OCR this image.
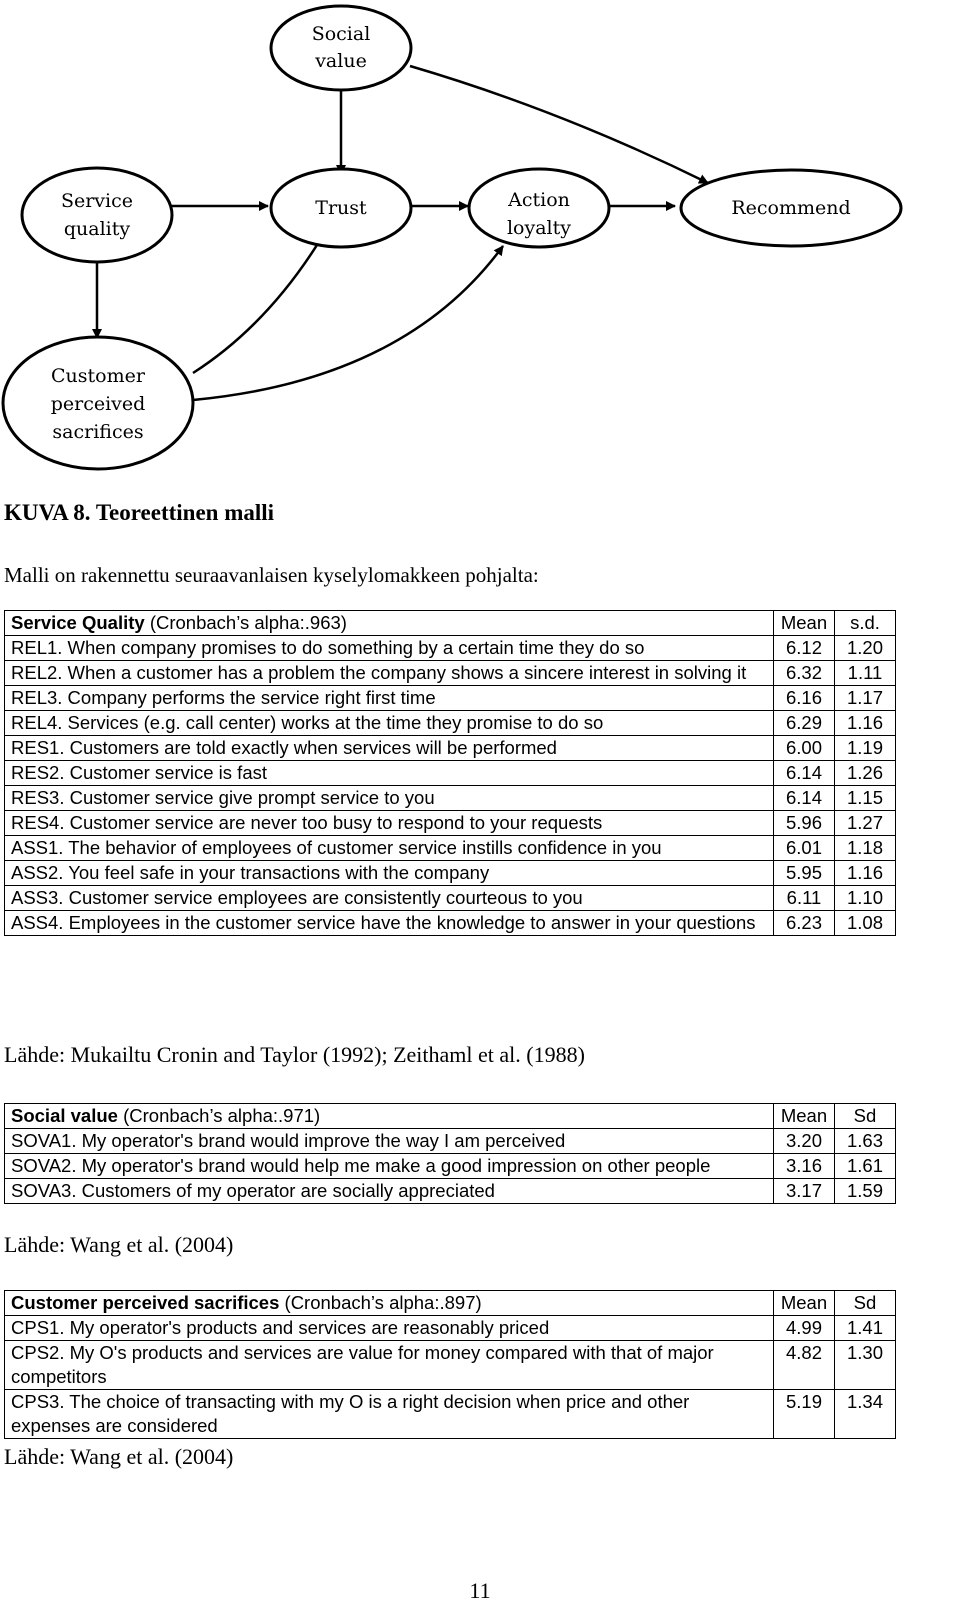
Social
value
Service
quality
Trust	Action
loyalty
Recommend
Customer
perceived
sacrifices

KUVA 8. Teoreettinen malli

Malli on rakennettu seuraavanlaisen kyselylomakkeen pohjalta:

Service Quality (Cronbach’s alpha:.963)	Mean	s.d.
REL1. When company promises to do something by a certain time they do so	6.12	1.20
REL2. When a customer has a problem the company shows a sincere interest in solving it	6.32	1.11
REL3. Company performs the service right first time	6.16	1.17
REL4. Services (e.g. call center) works at the time they promise to do so	6.29	1.16
RES1. Customers are told exactly when services will be performed	6.00	1.19
RES2. Customer service is fast	6.14	1.26
RES3. Customer service give prompt service to you	6.14	1.15
RES4. Customer service are never too busy to respond to your requests	5.96	1.27
ASS1. The behavior of employees of customer service instills confidence in you	6.01	1.18
ASS2. You feel safe in your transactions with the company	5.95	1.16
ASS3. Customer service employees are consistently courteous to you	6.11	1.10
ASS4. Employees in the customer service have the knowledge to answer in your questions	6.23	1.08

Lähde: Mukailtu Cronin and Taylor (1992); Zeithaml et al. (1988)

Social value (Cronbach’s alpha:.971)	Mean	Sd
SOVA1. My operator's brand would improve the way I am perceived	3.20	1.63
SOVA2. My operator's brand would help me make a good impression on other people	3.16	1.61
SOVA3. Customers of my operator are socially appreciated	3.17	1.59

Lähde: Wang et al. (2004)

Customer perceived sacrifices (Cronbach’s alpha:.897)	Mean	Sd
CPS1. My operator's products and services are reasonably priced	4.99	1.41
CPS2. My O's products and services are value for money compared with that of major competitors	4.82	1.30
CPS3. The choice of transacting with my O is a right decision when price and other expenses are considered	5.19	1.34

Lähde: Wang et al. (2004)

11
